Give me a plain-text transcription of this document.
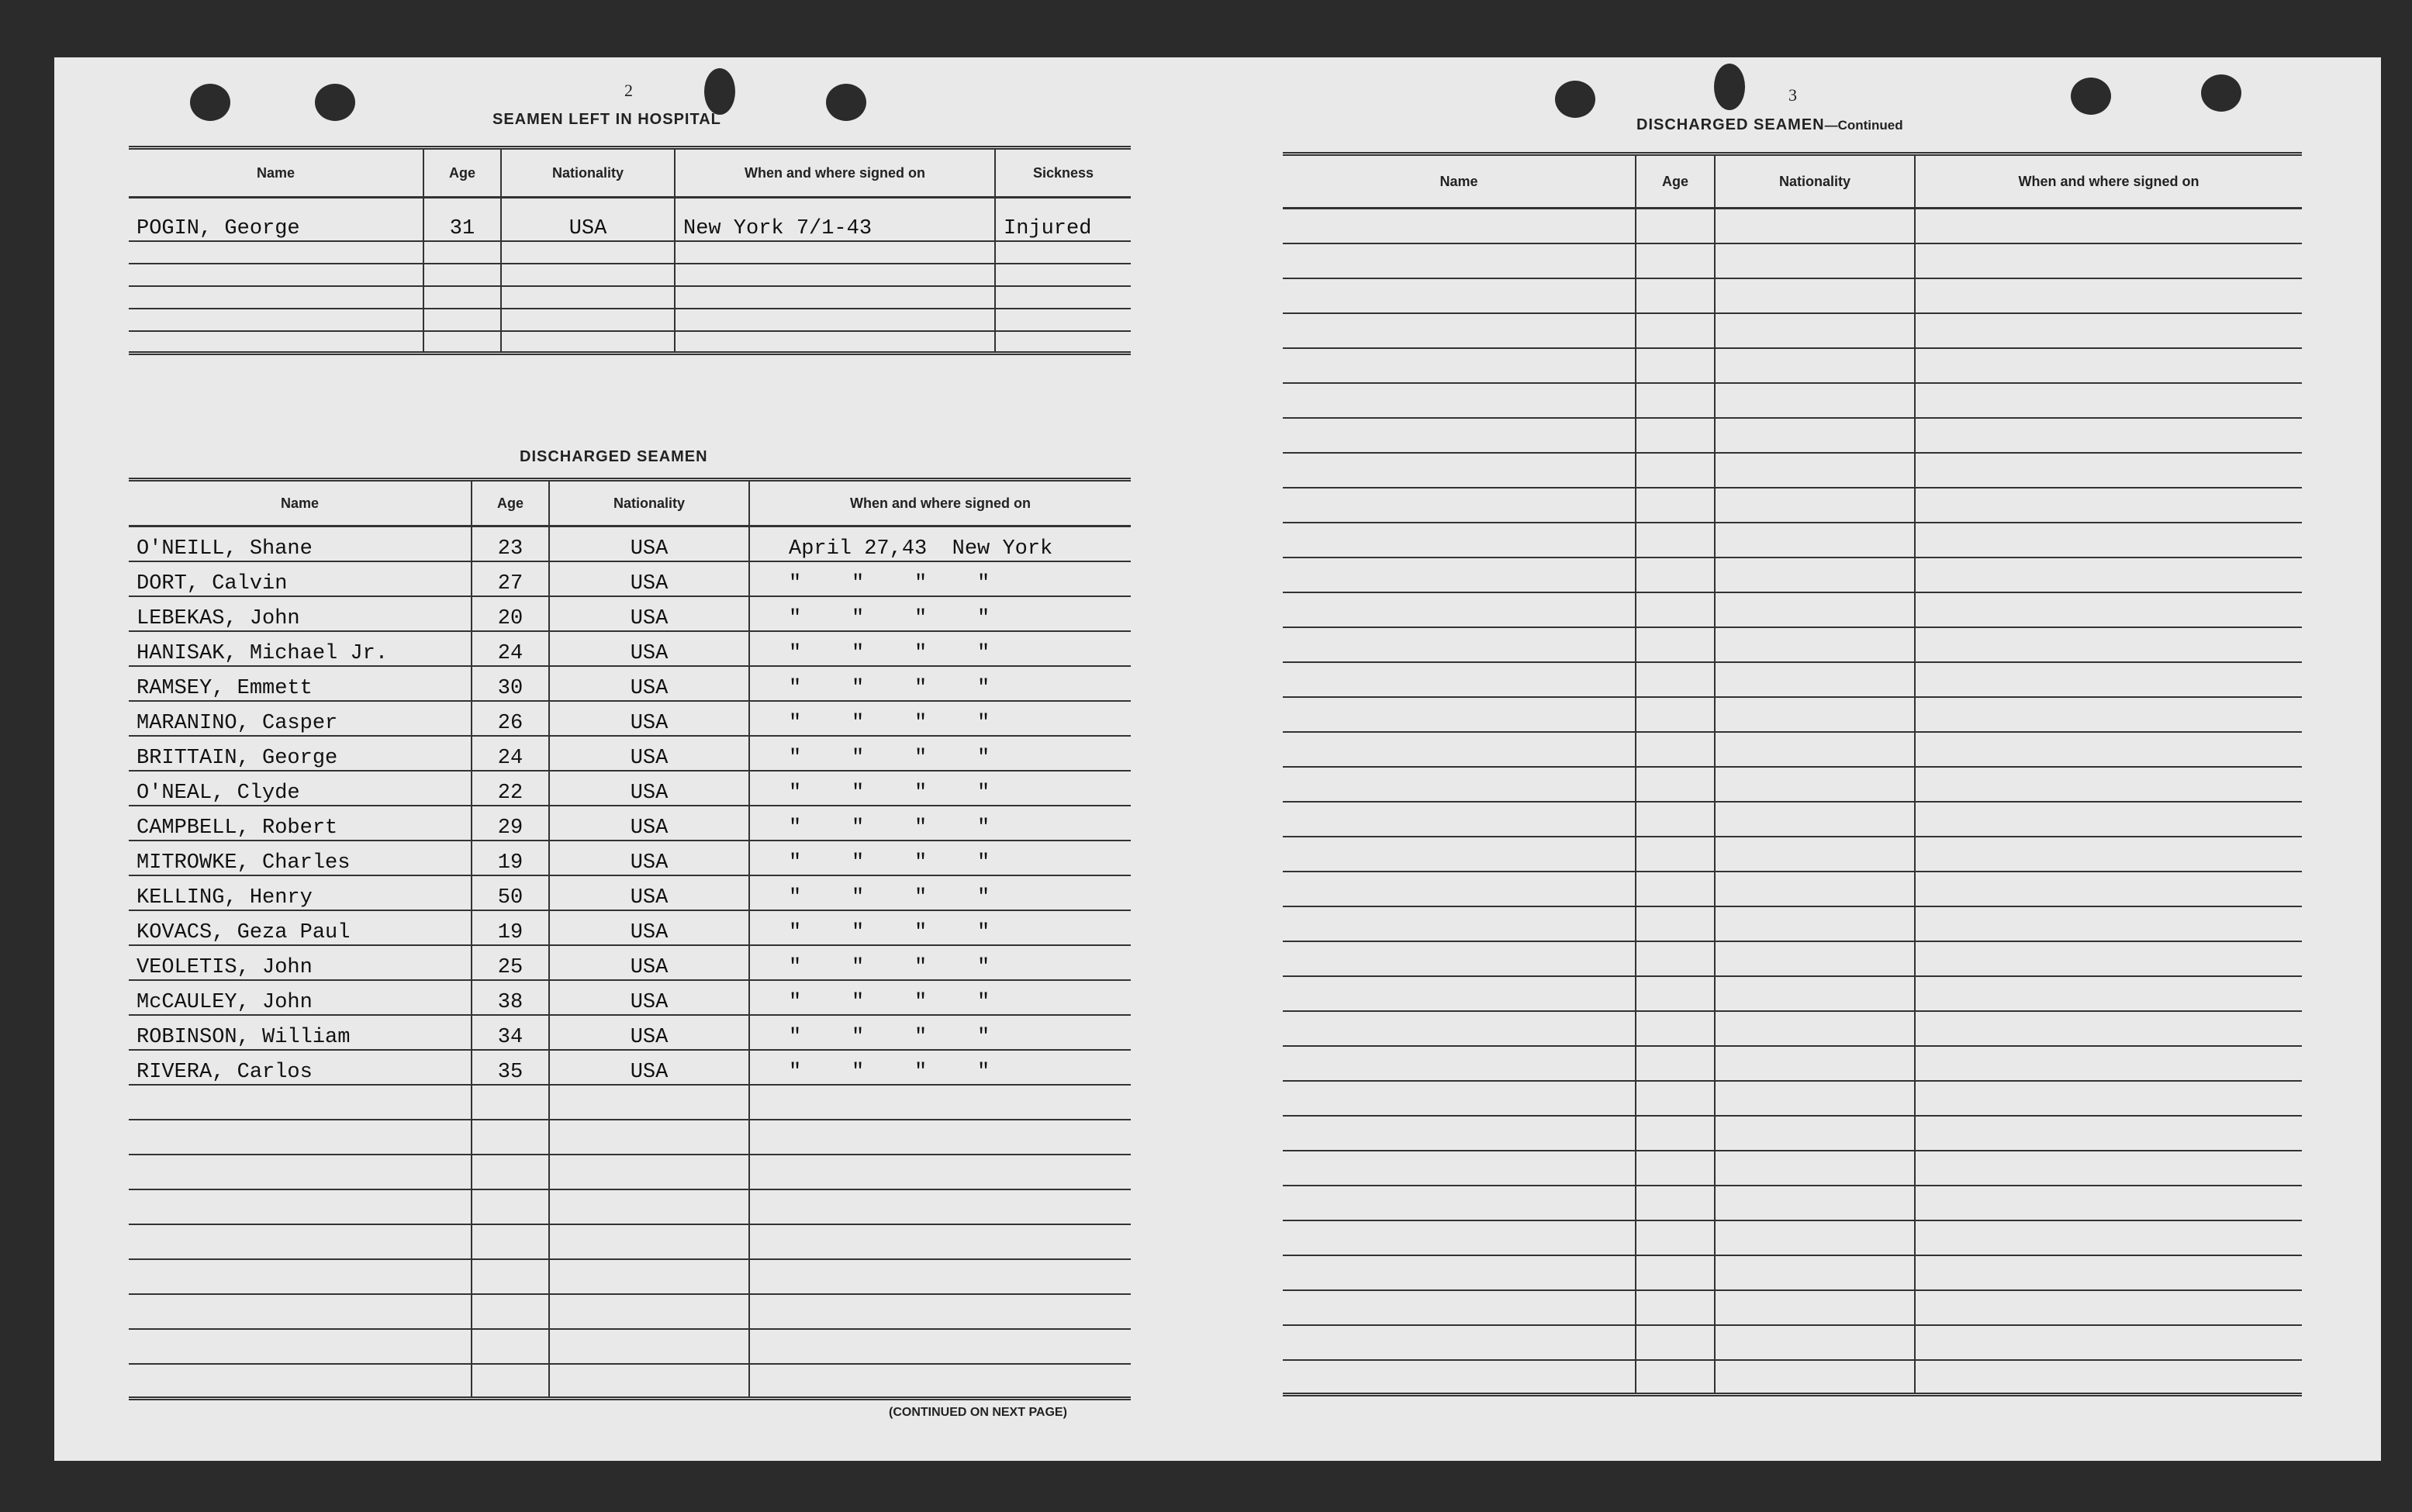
2
SEAMEN LEFT IN HOSPITAL
Name	Age	Nationality	When and where signed on	Sickness
POGIN, George	31	USA	New York 7/1-43	Injured

DISCHARGED SEAMEN
Name	Age	Nationality	When and where signed on
O'NEILL, Shane	23	USA	April 27,43  New York
DORT, Calvin	27	USA	"    "    "    "
LEBEKAS, John	20	USA	"    "    "    "
HANISAK, Michael Jr.	24	USA	"    "    "    "
RAMSEY, Emmett	30	USA	"    "    "    "
MARANINO, Casper	26	USA	"    "    "    "
BRITTAIN, George	24	USA	"    "    "    "
O'NEAL, Clyde	22	USA	"    "    "    "
CAMPBELL, Robert	29	USA	"    "    "    "
MITROWKE, Charles	19	USA	"    "    "    "
KELLING, Henry	50	USA	"    "    "    "
KOVACS, Geza Paul	19	USA	"    "    "    "
VEOLETIS, John	25	USA	"    "    "    "
McCAULEY, John	38	USA	"    "    "    "
ROBINSON, William	34	USA	"    "    "    "
RIVERA, Carlos	35	USA	"    "    "    "

(CONTINUED ON NEXT PAGE)
3
DISCHARGED SEAMEN—Continued
Name	Age	Nationality	When and where signed on
